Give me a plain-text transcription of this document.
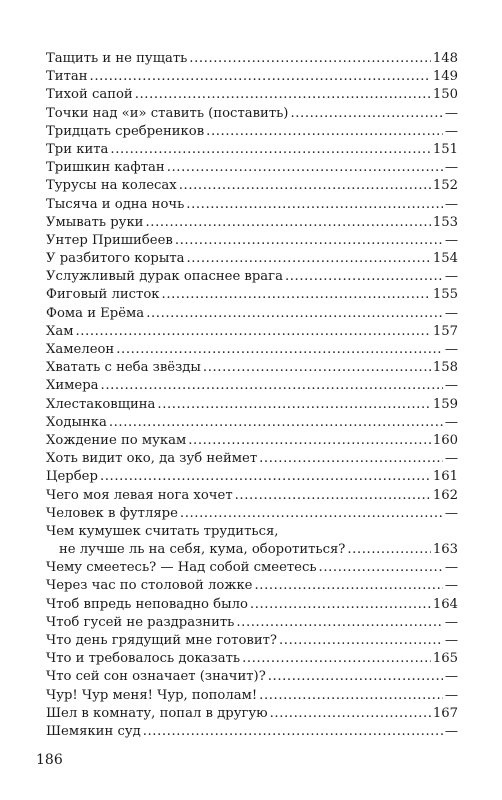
Тащить и не пущать .....	148
Титан .....	149
Тихой сапой .....	150
Точки над «и» ставить (поставить) .....	—
Тридцать сребреников .....	—
Три кита .....	151
Тришкин кафтан .....	—
Турусы на колесах .....	152
Тысяча и одна ночь .....	—
Умывать руки .....	153
Унтер Пришибеев .....	—
У разбитого корыта .....	154
Услужливый дурак опаснее врага .....	—
Фиговый листок .....	155
Фома и Ерёма .....	—
Хам .....	157
Хамелеон .....	—
Хватать с неба звёзды .....	158
Химера .....	—
Хлестаковщина .....	159
Ходынка .....	—
Хождение по мукам .....	160
Хоть видит око, да зуб неймет .....	—
Цербер .....	161
Чего моя левая нога хочет .....	162
Человек в футляре .....	—
Чем кумушек считать трудиться,
не лучше ль на себя, кума, оборотиться? .....	163
Чему смеетесь? — Над собой смеетесь .....	—
Через час по столовой ложке .....	—
Чтоб впредь неповадно было .....	164
Чтоб гусей не раздразнить .....	—
Что день грядущий мне готовит? .....	—
Что и требовалось доказать .....	165
Что сей сон означает (значит)? .....	—
Чур! Чур меня! Чур, пополам! .....	—
Шел в комнату, попал в другую .....	167
Шемякин суд .....	—
186
